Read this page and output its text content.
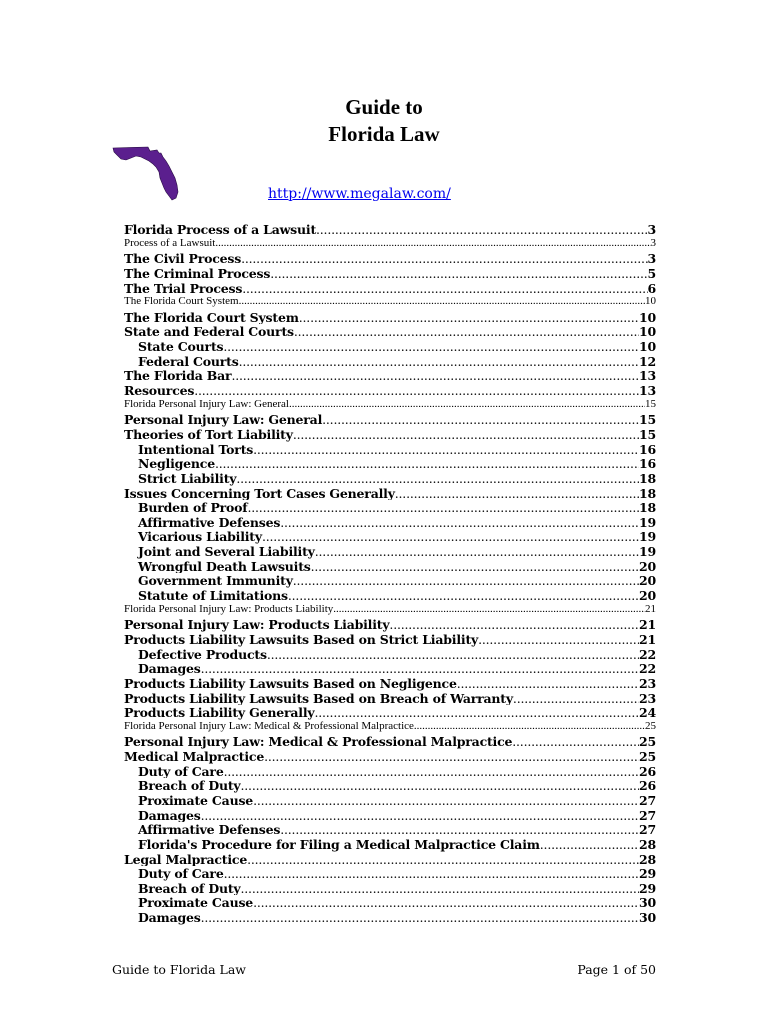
Guide to
Florida Law
http://www.megalaw.com/
Florida Process of a Lawsuit .....	3
Process of a Lawsuit .....	3
The Civil Process .....	3
The Criminal Process .....	5
The Trial Process .....	6
The Florida Court System .....	10
The Florida Court System .....	10
State and Federal Courts .....	10
State Courts .....	10
Federal Courts .....	12
The Florida Bar .....	13
Resources .....	13
Florida Personal Injury Law: General .....	15
Personal Injury Law: General .....	15
Theories of Tort Liability .....	15
Intentional Torts .....	16
Negligence .....	16
Strict Liability .....	18
Issues Concerning Tort Cases Generally .....	18
Burden of Proof .....	18
Affirmative Defenses .....	19
Vicarious Liability .....	19
Joint and Several Liability .....	19
Wrongful Death Lawsuits .....	20
Government Immunity .....	20
Statute of Limitations .....	20
Florida Personal Injury Law: Products Liability .....	21
Personal Injury Law: Products Liability .....	21
Products Liability Lawsuits Based on Strict Liability .....	21
Defective Products .....	22
Damages .....	22
Products Liability Lawsuits Based on Negligence .....	23
Products Liability Lawsuits Based on Breach of Warranty .....	23
Products Liability Generally .....	24
Florida Personal Injury Law: Medical & Professional Malpractice .....	25
Personal Injury Law: Medical & Professional Malpractice .....	25
Medical Malpractice .....	25
Duty of Care .....	26
Breach of Duty .....	26
Proximate Cause .....	27
Damages .....	27
Affirmative Defenses .....	27
Florida's Procedure for Filing a Medical Malpractice Claim .....	28
Legal Malpractice .....	28
Duty of Care .....	29
Breach of Duty .....	29
Proximate Cause .....	30
Damages .....	30
Guide to Florida Law	Page 1 of 50
